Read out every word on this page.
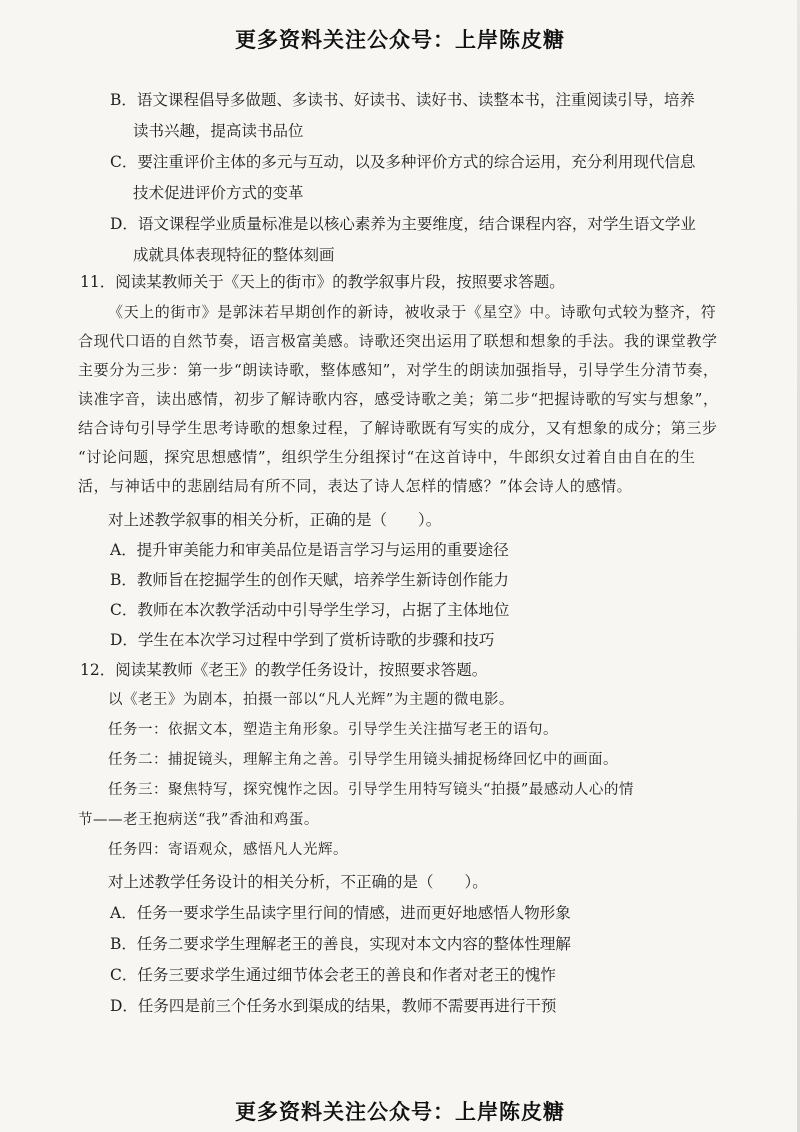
更多资料关注公众号：上岸陈皮糖
B．语文课程倡导多做题、多读书、好读书、读好书、读整本书，注重阅读引导，培养
读书兴趣，提高读书品位
C．要注重评价主体的多元与互动，以及多种评价方式的综合运用，充分利用现代信息
技术促进评价方式的变革
D．语文课程学业质量标准是以核心素养为主要维度，结合课程内容，对学生语文学业
成就具体表现特征的整体刻画
11．阅读某教师关于《天上的街市》的教学叙事片段，按照要求答题。
《天上的街市》是郭沫若早期创作的新诗，被收录于《星空》中。诗歌句式较为整齐，符
合现代口语的自然节奏，语言极富美感。诗歌还突出运用了联想和想象的手法。我的课堂教学
主要分为三步：第一步“朗读诗歌，整体感知”，对学生的朗读加强指导，引导学生分清节奏，
读准字音，读出感情，初步了解诗歌内容，感受诗歌之美；第二步“把握诗歌的写实与想象”，
结合诗句引导学生思考诗歌的想象过程，了解诗歌既有写实的成分，又有想象的成分；第三步
“讨论问题，探究思想感情”，组织学生分组探讨“在这首诗中，牛郎织女过着自由自在的生
活，与神话中的悲剧结局有所不同，表达了诗人怎样的情感？”体会诗人的感情。
对上述教学叙事的相关分析，正确的是（　　）。
A．提升审美能力和审美品位是语言学习与运用的重要途径
B．教师旨在挖掘学生的创作天赋，培养学生新诗创作能力
C．教师在本次教学活动中引导学生学习，占据了主体地位
D．学生在本次学习过程中学到了赏析诗歌的步骤和技巧
12．阅读某教师《老王》的教学任务设计，按照要求答题。
以《老王》为剧本，拍摄一部以“凡人光辉”为主题的微电影。
任务一：依据文本，塑造主角形象。引导学生关注描写老王的语句。
任务二：捕捉镜头，理解主角之善。引导学生用镜头捕捉杨绛回忆中的画面。
任务三：聚焦特写，探究愧怍之因。引导学生用特写镜头“拍摄”最感动人心的情
节——老王抱病送“我”香油和鸡蛋。
任务四：寄语观众，感悟凡人光辉。
对上述教学任务设计的相关分析，不正确的是（　　）。
A．任务一要求学生品读字里行间的情感，进而更好地感悟人物形象
B．任务二要求学生理解老王的善良，实现对本文内容的整体性理解
C．任务三要求学生通过细节体会老王的善良和作者对老王的愧怍
D．任务四是前三个任务水到渠成的结果，教师不需要再进行干预
更多资料关注公众号：上岸陈皮糖
